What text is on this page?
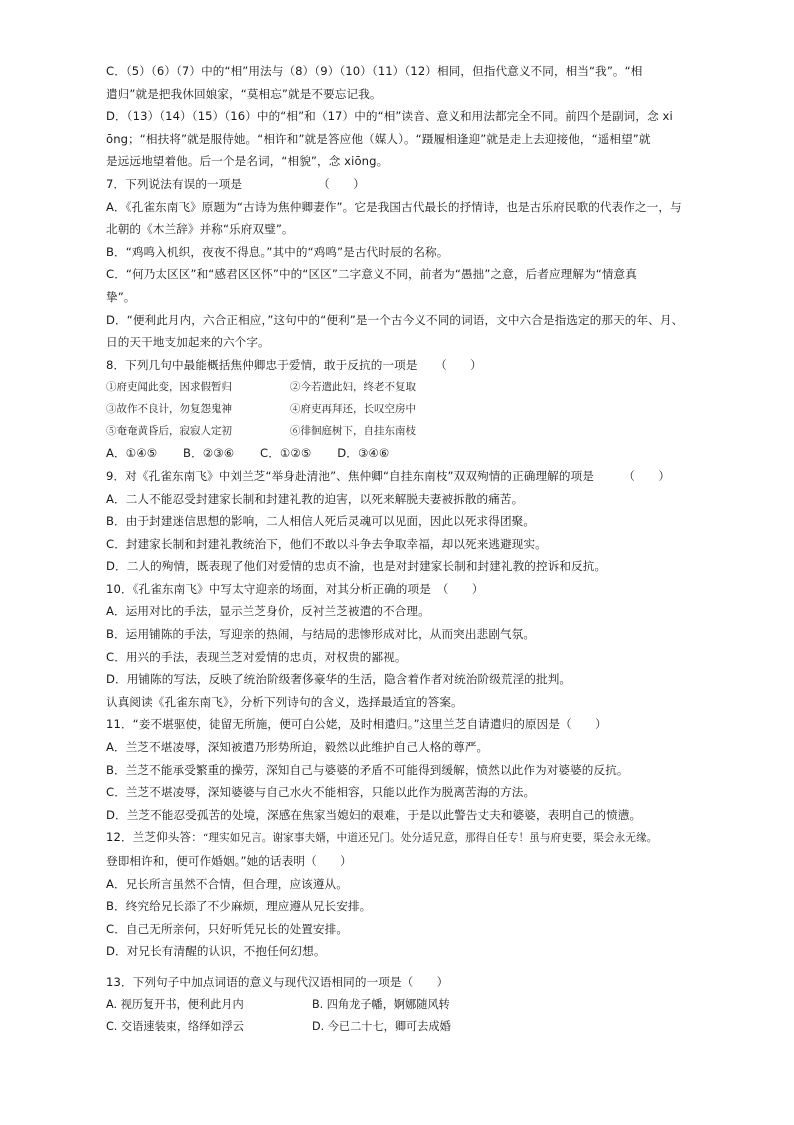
C．（5）（6）（7）中的“相”用法与（8）（9）（10）（11）（12）相同，但指代意义不同，相当“我”。“相

遣归”就是把我休回娘家，“莫相忘”就是不要忘记我。

D．（13）（14）（15）（16）中的“相”和（17）中的“相”读音、意义和用法都完全不同。前四个是副词，念 xi

ōng；“相扶将”就是服侍她。“相许和”就是答应他（媒人）。“蹑履相逢迎”就是走上去迎接他，“遥相望”就

是远远地望着他。后一个是名词，“相貌”，念 xiōng。

7．下列说法有误的一项是　　　　　　　（　　）

A．《孔雀东南飞》原题为“古诗为焦仲卿妻作”。它是我国古代最长的抒情诗，也是古乐府民歌的代表作之一，与

北朝的《木兰辞》并称“乐府双璧”。

B．“鸡鸣入机织，夜夜不得息。”其中的“鸡鸣”是古代时辰的名称。

C．“何乃太区区”和“感君区区怀”中的“区区”二字意义不同，前者为“愚拙”之意，后者应理解为“情意真

挚”。

D．“便利此月内，六合正相应，”这句中的“便利”是一个古今义不同的词语，文中六合是指选定的那天的年、月、

日的天干地支加起来的六个字。

8．下列几句中最能概括焦仲卿忠于爱情，敢于反抗的一项是　　（　　）

①府吏闻此变，因求假暂归	②今若遣此妇，终老不复取
③故作不良计，勿复怨鬼神	④府吏再拜还，长叹空房中
⑤奄奄黄昏后，寂寂人定初	⑥徘徊庭树下，自挂东南枝

A．①④⑤ B．②③⑥ C．①②⑤ D．③④⑥

9．对《孔雀东南飞》中刘兰芝“举身赴清池”、焦仲卿“自挂东南枝”双双殉情的正确理解的项是　　　（　　）

A．二人不能忍受封建家长制和封建礼教的迫害，以死来解脱夫妻被拆散的痛苦。

B．由于封建迷信思想的影响，二人相信人死后灵魂可以见面，因此以死求得团聚。

C．封建家长制和封建礼教统治下，他们不敢以斗争去争取幸福，却以死来逃避现实。

D．二人的殉情，既表现了他们对爱情的忠贞不渝，也是对封建家长制和封建礼教的控诉和反抗。

10．《孔雀东南飞》中写太守迎亲的场面，对其分析正确的项是　（　　）

A．运用对比的手法，显示兰芝身价，反衬兰芝被遣的不合理。

B．运用铺陈的手法，写迎亲的热闹，与结局的悲惨形成对比，从而突出悲剧气氛。

C．用兴的手法，表现兰芝对爱情的忠贞，对权贵的鄙视。

D．用铺陈的写法，反映了统治阶级奢侈豪华的生活，隐含着作者对统治阶级荒淫的批判。

认真阅读《孔雀东南飞》，分析下列诗句的含义，选择最适宜的答案。

11．“妾不堪驱使，徒留无所施，便可白公姥，及时相遣归。”这里兰芝自请遣归的原因是（　　）

A．兰芝不堪凌辱，深知被遣乃形势所迫，毅然以此维护自己人格的尊严。

B．兰芝不能承受繁重的操劳，深知自己与婆婆的矛盾不可能得到缓解，愤然以此作为对婆婆的反抗。

C．兰芝不堪凌辱，深知婆婆与自己水火不能相容，只能以此作为脱离苦海的方法。

D．兰芝不能忍受孤苦的处境，深感在焦家当媳妇的艰难，于是以此警告丈夫和婆婆，表明自己的愤懑。

12．兰芝仰头答：“理实如兄言。谢家事夫婿，中道还兄门。处分适兄意，那得自任专！虽与府吏要，渠会永无缘。

登即相许和，便可作婚姻。”她的话表明（　　）

A．兄长所言虽然不合情，但合理，应该遵从。

B．终究给兄长添了不少麻烦，理应遵从兄长安排。

C．自己无所亲何，只好听凭兄长的处置安排。

D．对兄长有清醒的认识，不抱任何幻想。

13．下列句子中加点词语的意义与现代汉语相同的一项是（　　）

A. 视历复开书，便利此月内	B. 四角龙子幡，婀娜随风转
C. 交语速装束，络绎如浮云	D. 今已二十七，卿可去成婚
